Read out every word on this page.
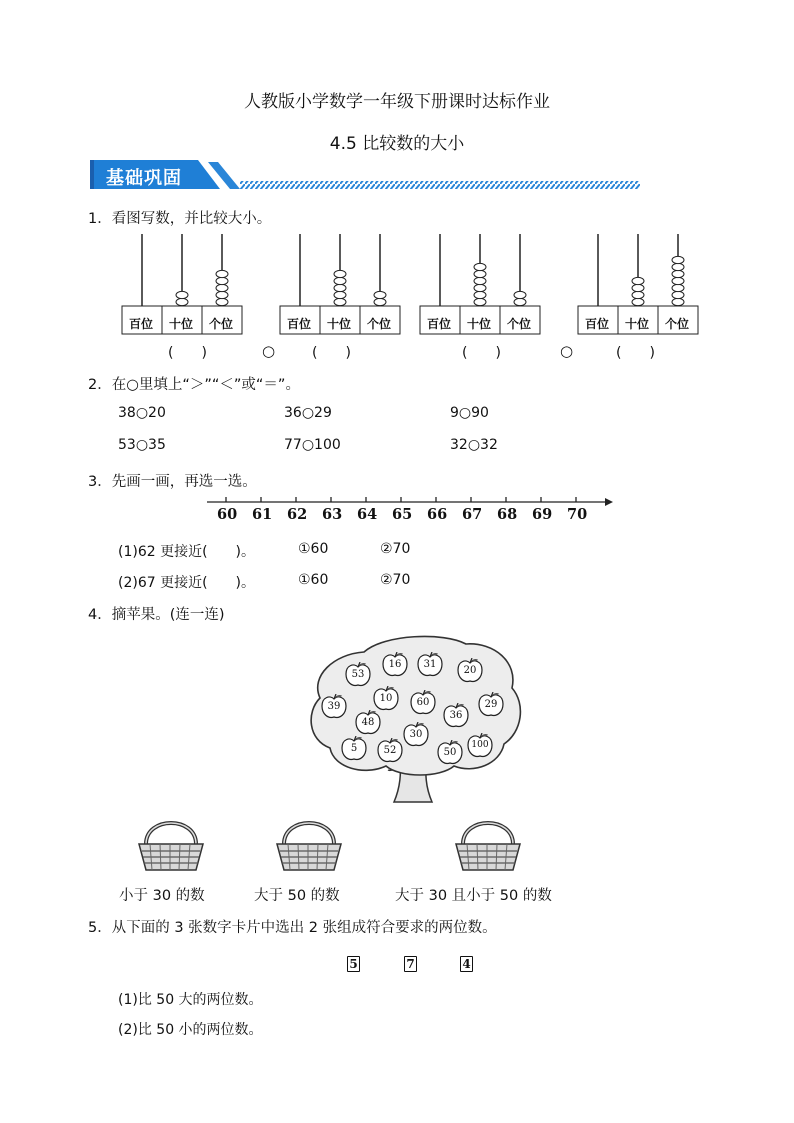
人教版小学数学一年级下册课时达标作业
4.5 比较数的大小
基础巩固
1．看图写数，并比较大小。
百位 十位 个位	百位 十位 个位	百位 十位 个位	百位 十位 个位
(　　)	○	(　　)	(　　)	○	(　　)
2．在○里填上“＞”“＜”或“＝”。
38○20	36○29	9○90
53○35	77○100	32○32
3．先画一画，再选一选。
60 61 62 63 64 65 66 67 68 69 70
(1)62 更接近(　　)。	①60	②70
(2)67 更接近(　　)。	①60	②70
4．摘苹果。(连一连)
16	31
53	20
10
39	60	29
48
36
30
52
5	50
100
小于 30 的数	大于 50 的数	大于 30 且小于 50 的数
5．从下面的 3 张数字卡片中选出 2 张组成符合要求的两位数。
5	7	4
(1)比 50 大的两位数。
(2)比 50 小的两位数。
